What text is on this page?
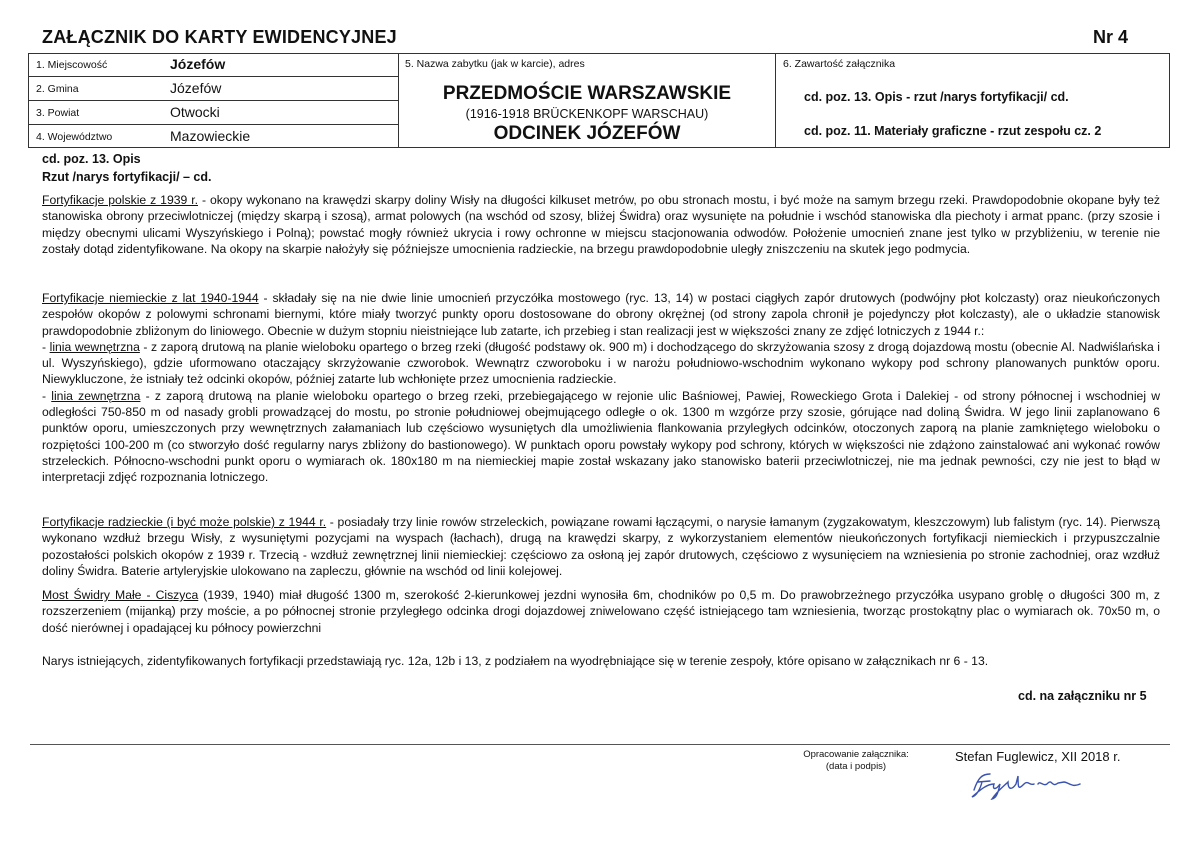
ZAŁĄCZNIK DO KARTY EWIDENCYJNEJ	Nr 4
1. Miejscowość	Józefów
2. Gmina	Józefów
3. Powiat	Otwocki
4. Województwo	Mazowieckie
5. Nazwa zabytku (jak w karcie), adres
PRZEDMOŚCIE WARSZAWSKIE
(1916-1918 BRÜCKENKOPF WARSCHAU)
ODCINEK JÓZEFÓW
6. Zawartość załącznika
cd. poz. 13. Opis - rzut /narys fortyfikacji/ cd.
cd. poz. 11. Materiały graficzne - rzut zespołu cz. 2
cd. poz. 13. Opis
Rzut /narys fortyfikacji/ – cd.

Fortyfikacje polskie z 1939 r. - okopy wykonano na krawędzi skarpy doliny Wisły na długości kilkuset metrów, po obu stronach mostu, i być może na samym brzegu rzeki. Prawdopodobnie okopane były też stanowiska obrony przeciwlotniczej (między skarpą i szosą), armat polowych (na wschód od szosy, bliżej Świdra) oraz wysunięte na południe i wschód stanowiska dla piechoty i armat ppanc. (przy szosie i między obecnymi ulicami Wyszyńskiego i Polną); powstać mogły również ukrycia i rowy ochronne w miejscu stacjonowania odwodów. Położenie umocnień znane jest tylko w przybliżeniu, w terenie nie zostały dotąd zidentyfikowane. Na okopy na skarpie nałożyły się późniejsze umocnienia radzieckie, na brzegu prawdopodobnie uległy zniszczeniu na skutek jego podmycia.

Fortyfikacje niemieckie z lat 1940-1944 - składały się na nie dwie linie umocnień przyczółka mostowego (ryc. 13, 14) w postaci ciągłych zapór drutowych (podwójny płot kolczasty) oraz nieukończonych zespołów okopów z polowymi schronami biernymi, które miały tworzyć punkty oporu dostosowane do obrony okrężnej (od strony zapola chronił je pojedynczy płot kolczasty), ale o układzie stanowisk prawdopodobnie zbliżonym do liniowego. Obecnie w dużym stopniu nieistniejące lub zatarte, ich przebieg i stan realizacji jest w większości znany ze zdjęć lotniczych z 1944 r.:

- linia wewnętrzna - z zaporą drutową na planie wieloboku opartego o brzeg rzeki (długość podstawy ok. 900 m) i dochodzącego do skrzyżowania szosy z drogą dojazdową mostu (obecnie Al. Nadwiślańska i ul. Wyszyńskiego), gdzie uformowano otaczający skrzyżowanie czworobok. Wewnątrz czworoboku i w narożu południowo-wschodnim wykonano wykopy pod schrony planowanych punktów oporu. Niewykluczone, że istniały też odcinki okopów, później zatarte lub wchłonięte przez umocnienia radzieckie.

- linia zewnętrzna - z zaporą drutową na planie wieloboku opartego o brzeg rzeki, przebiegającego w rejonie ulic Baśniowej, Pawiej, Roweckiego Grota i Dalekiej - od strony północnej i wschodniej w odległości 750-850 m od nasady grobli prowadzącej do mostu, po stronie południowej obejmującego odległe o ok. 1300 m wzgórze przy szosie, górujące nad doliną Świdra. W jego linii zaplanowano 6 punktów oporu, umieszczonych przy wewnętrznych załamaniach lub częściowo wysuniętych dla umożliwienia flankowania przyległych odcinków, otoczonych zaporą na planie zamkniętego wieloboku o rozpiętości 100-200 m (co stworzyło dość regularny narys zbliżony do bastionowego). W punktach oporu powstały wykopy pod schrony, których w większości nie zdążono zainstalować ani wykonać rowów strzeleckich. Północno-wschodni punkt oporu o wymiarach ok. 180x180 m na niemieckiej mapie został wskazany jako stanowisko baterii przeciwlotniczej, nie ma jednak pewności, czy nie jest to błąd w interpretacji zdjęć rozpoznania lotniczego.

Fortyfikacje radzieckie (i być może polskie) z 1944 r. - posiadały trzy linie rowów strzeleckich, powiązane rowami łączącymi, o narysie łamanym (zygzakowatym, kleszczowym) lub falistym (ryc. 14). Pierwszą wykonano wzdłuż brzegu Wisły, z wysuniętymi pozycjami na wyspach (łachach), drugą na krawędzi skarpy, z wykorzystaniem elementów nieukończonych fortyfikacji niemieckich i przypuszczalnie pozostałości polskich okopów z 1939 r. Trzecią - wzdłuż zewnętrznej linii niemieckiej: częściowo za osłoną jej zapór drutowych, częściowo z wysunięciem na wzniesienia po stronie zachodniej, oraz wzdłuż doliny Świdra. Baterie artyleryjskie ulokowano na zapleczu, głównie na wschód od linii kolejowej.

Most Świdry Małe - Ciszyca (1939, 1940) miał długość 1300 m, szerokość 2-kierunkowej jezdni wynosiła 6m, chodników po 0,5 m. Do prawobrzeżnego przyczółka usypano groblę o długości 300 m, z rozszerzeniem (mijanką) przy moście, a po północnej stronie przyległego odcinka drogi dojazdowej zniwelowano część istniejącego tam wzniesienia, tworząc prostokątny plac o wymiarach ok. 70x50 m, o dość nierównej i opadającej ku północy powierzchni

Narys istniejących, zidentyfikowanych fortyfikacji przedstawiają ryc. 12a, 12b i 13, z podziałem na wyodrębniające się w terenie zespoły, które opisano w załącznikach nr 6 - 13.
cd. na załączniku nr 5
Opracowanie załącznika:
(data i podpis)
Stefan Fuglewicz, XII 2018 r.
